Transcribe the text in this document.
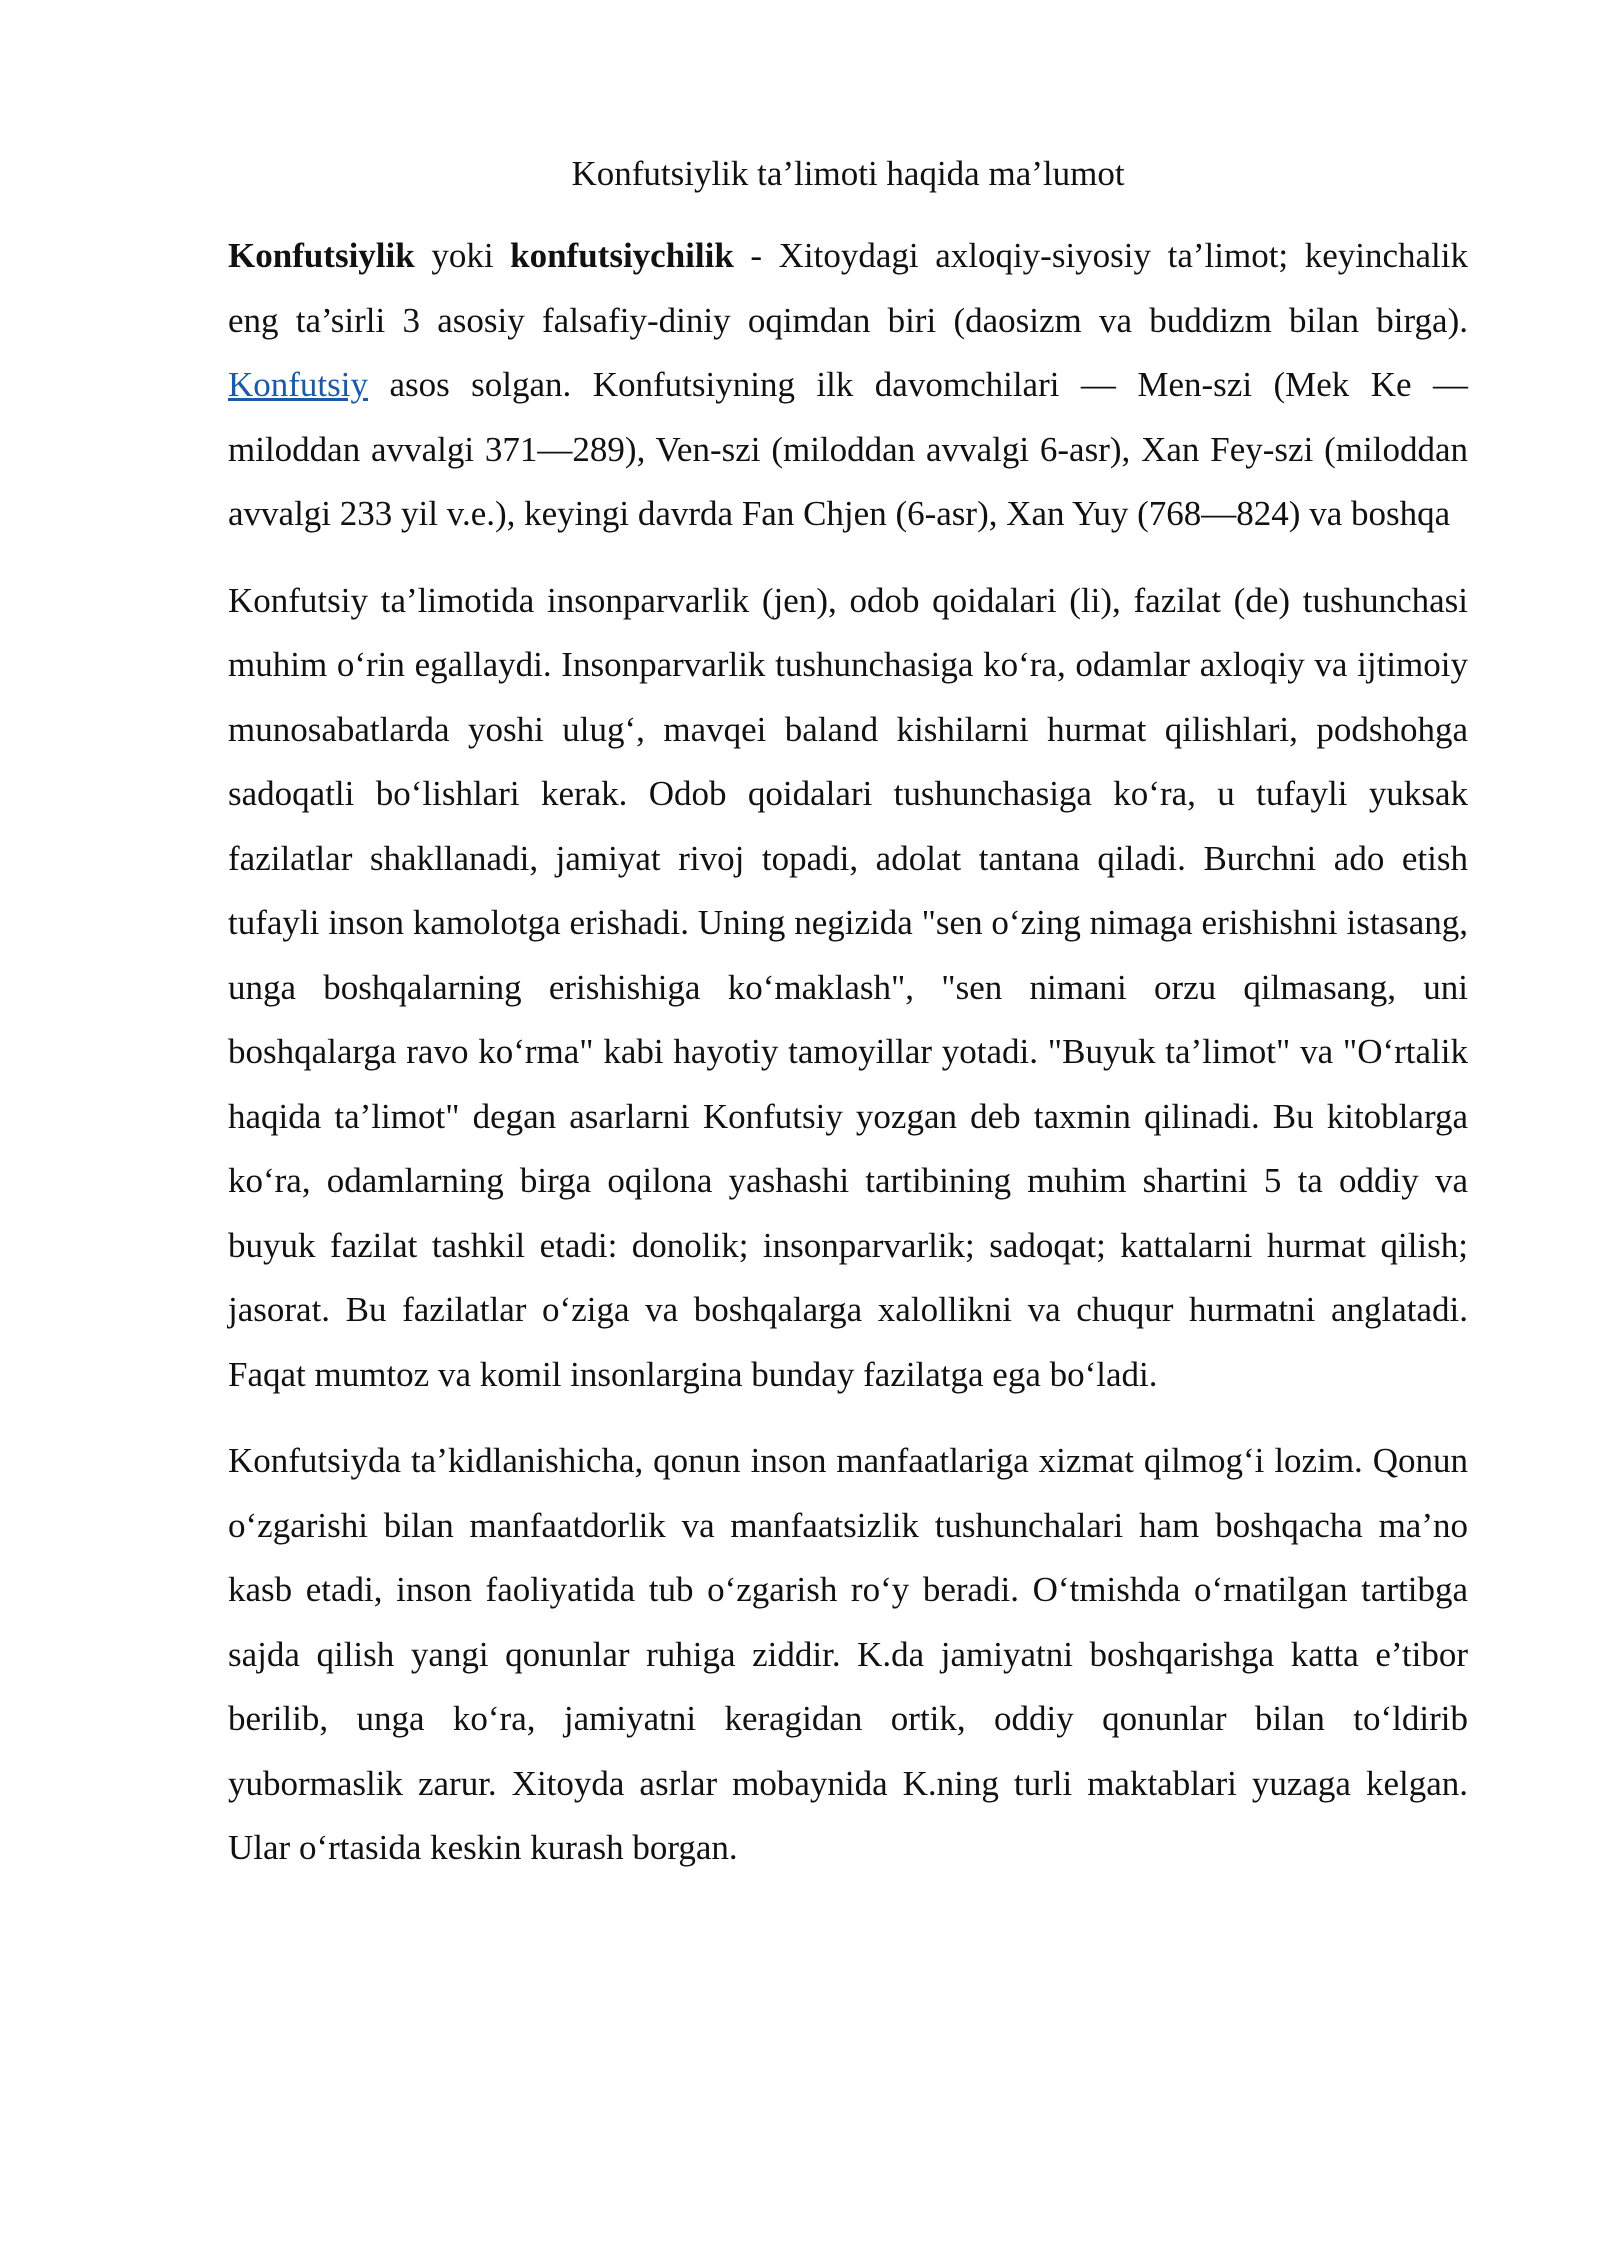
Konfutsiylik ta’limoti haqida ma’lumot

Konfutsiylik yoki konfutsiychilik - Xitoydagi axloqiy-siyosiy ta’limot; keyinchalik eng ta’sirli 3 asosiy falsafiy-diniy oqimdan biri (daosizm va buddizm bilan birga). Konfutsiy asos solgan. Konfutsiyning ilk davomchilari — Men-szi (Mek Ke — miloddan avvalgi 371—289), Ven-szi (miloddan avvalgi 6-asr), Xan Fey-szi (miloddan avvalgi 233 yil v.e.), keyingi davrda Fan Chjen (6-asr), Xan Yuy (768—824) va boshqa

Konfutsiy ta’limotida insonparvarlik (jen), odob qoidalari (li), fazilat (de) tushunchasi muhim o‘rin egallaydi. Insonparvarlik tushunchasiga ko‘ra, odamlar axloqiy va ijtimoiy munosabatlarda yoshi ulug‘, mavqei baland kishilarni hurmat qilishlari, podshohga sadoqatli bo‘lishlari kerak. Odob qoidalari tushunchasiga ko‘ra, u tufayli yuksak fazilatlar shakllanadi, jamiyat rivoj topadi, adolat tantana qiladi. Burchni ado etish tufayli inson kamolotga erishadi. Uning negizida "sen o‘zing nimaga erishishni istasang, unga boshqalarning erishishiga ko‘maklash", "sen nimani orzu qilmasang, uni boshqalarga ravo ko‘rma" kabi hayotiy tamoyillar yotadi. "Buyuk ta’limot" va "O‘rtalik haqida ta’limot" degan asarlarni Konfutsiy yozgan deb taxmin qilinadi. Bu kitoblarga ko‘ra, odamlarning birga oqilona yashashi tartibining muhim shartini 5 ta oddiy va buyuk fazilat tashkil etadi: donolik; insonparvarlik; sadoqat; kattalarni hurmat qilish; jasorat. Bu fazilatlar o‘ziga va boshqalarga xalollikni va chuqur hurmatni anglatadi. Faqat mumtoz va komil insonlargina bunday fazilatga ega bo‘ladi.

Konfutsiyda ta’kidlanishicha, qonun inson manfaatlariga xizmat qilmog‘i lozim. Qonun o‘zgarishi bilan manfaatdorlik va manfaatsizlik tushunchalari ham boshqacha ma’no kasb etadi, inson faoliyatida tub o‘zgarish ro‘y beradi. O‘tmishda o‘rnatilgan tartibga sajda qilish yangi qonunlar ruhiga ziddir. K.da jamiyatni boshqarishga katta e’tibor berilib, unga ko‘ra, jamiyatni keragidan ortik, oddiy qonunlar bilan to‘ldirib yubormaslik zarur. Xitoyda asrlar mobaynida K.ning turli maktablari yuzaga kelgan. Ular o‘rtasida keskin kurash borgan.
